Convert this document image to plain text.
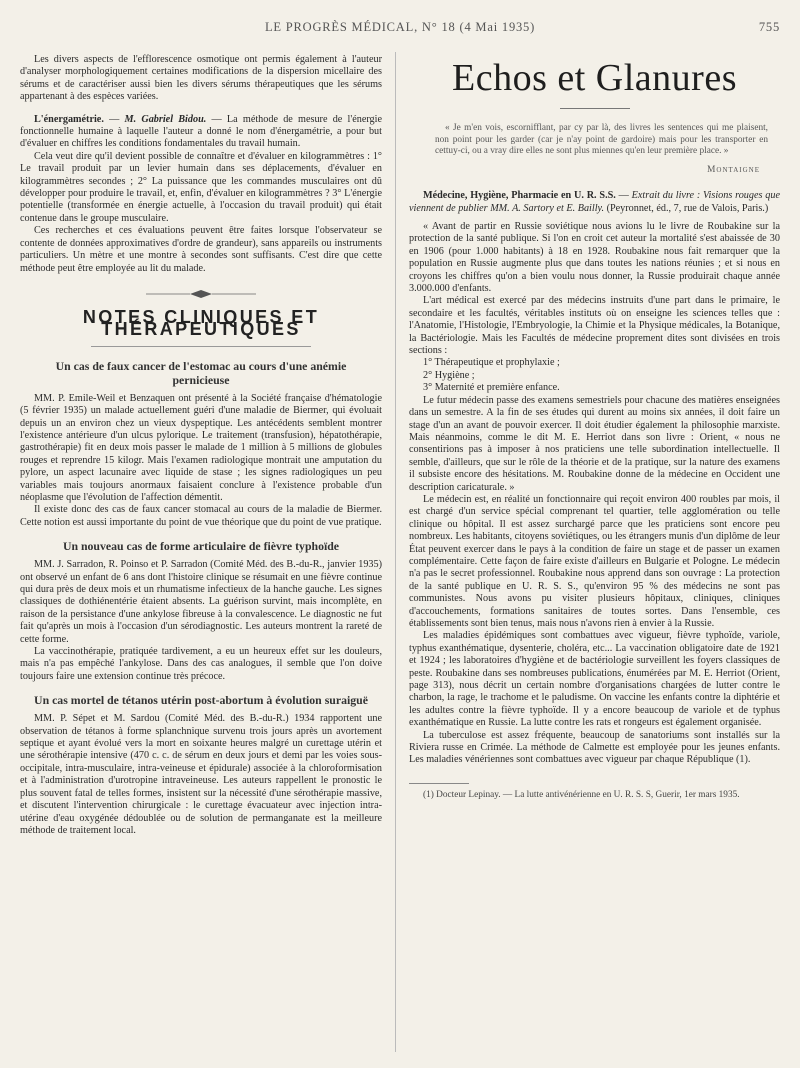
LE PROGRÈS MÉDICAL, N° 18 (4 Mai 1935)	755

Les divers aspects de l'efflorescence osmotique ont permis également à l'auteur d'analyser morphologiquement certaines modifications de la dispersion micellaire des sérums et de caractériser aussi bien les divers sérums thérapeutiques que les sérums appartenant à des espèces variées.

L'énergamétrie. — M. Gabriel Bidou. — La méthode de mesure de l'énergie fonctionnelle humaine à laquelle l'auteur a donné le nom d'énergamétrie, a pour but d'évaluer en chiffres les conditions fondamentales du travail humain.

Cela veut dire qu'il devient possible de connaître et d'évaluer en kilogrammètres : 1° Le travail produit par un levier humain dans ses déplacements, d'évaluer en kilogrammètres secondes ; 2° La puissance que les commandes musculaires ont dû développer pour produire le travail, et, enfin, d'évaluer en kilogrammètres ? 3° L'énergie potentielle (transformée en énergie actuelle, à l'occasion du travail produit) qui était contenue dans le groupe musculaire.

Ces recherches et ces évaluations peuvent être faites lorsque l'observateur se contente de données approximatives d'ordre de grandeur), sans appareils ou instruments particuliers. Un mètre et une montre à secondes sont suffisants. C'est dire que cette méthode peut être employée au lit du malade.

NOTES CLINIQUES ET THÉRAPEUTIQUES
Un cas de faux cancer de l'estomac au cours d'une anémie pernicieuse

MM. P. Emile-Weil et Benzaquen ont présenté à la Société française d'hématologie (5 février 1935) un malade actuellement guéri d'une maladie de Biermer, qui évoluait depuis un an environ chez un vieux dyspeptique. Les antécédents semblent montrer l'existence antérieure d'un ulcus pylorique. Le traitement (transfusion), hépatothérapie, gastrothérapie) fit en deux mois passer le malade de 1 million à 5 millions de globules rouges et reprendre 15 kilogr. Mais l'examen radiologique montrait une amputation du pylore, un aspect lacunaire avec liquide de stase ; les signes radiologiques un peu variables mais toujours anormaux faisaient conclure à l'existence probable d'un néoplasme que l'évolution de l'affection démentit.

Il existe donc des cas de faux cancer stomacal au cours de la maladie de Biermer. Cette notion est aussi importante du point de vue théorique que du point de vue pratique.

Un nouveau cas de forme articulaire de fièvre typhoïde

MM. J. Sarradon, R. Poinso et P. Sarradon (Comité Méd. des B.-du-R., janvier 1935) ont observé un enfant de 6 ans dont l'histoire clinique se résumait en une fièvre continue qui dura près de deux mois et un rhumatisme infectieux de la hanche gauche. Les signes classiques de dothiénentérie étaient absents. La guérison survint, mais incomplète, en raison de la persistance d'une ankylose fibreuse à la convalescence. Le diagnostic ne fut fait qu'après un mois à l'occasion d'un sérodiagnostic. Les auteurs montrent la rareté de cette forme.

La vaccinothérapie, pratiquée tardivement, a eu un heureux effet sur les douleurs, mais n'a pas empêché l'ankylose. Dans des cas analogues, il semble que l'on doive toujours faire une extension continue très précoce.

Un cas mortel de tétanos utérin post-abortum à évolution suraiguë

MM. P. Sépet et M. Sardou (Comité Méd. des B.-du-R.) 1934 rapportent une observation de tétanos à forme splanchnique survenu trois jours après un avortement septique et ayant évolué vers la mort en soixante heures malgré un curettage utérin et une sérothérapie intensive (470 c. c. de sérum en deux jours et demi par les voies sous-occipitale, intra-musculaire, intra-veineuse et épidurale) associée à la chloroformisation et à l'administration d'urotropine intraveineuse. Les auteurs rappellent le pronostic le plus souvent fatal de telles formes, insistent sur la nécessité d'une sérothérapie massive, et discutent l'intervention chirurgicale : le curettage évacuateur avec injection intra-utérine d'eau oxygénée dédoublée ou de solution de permanganate est la meilleure méthode de traitement local.

Echos et Glanures

« Je m'en vois, escornifflant, par cy par là, des livres les sentences qui me plaisent, non point pour les garder (car je n'ay point de gardoire) mais pour les transporter en cettuy-ci, ou a vray dire elles ne sont plus miennes qu'en leur première place. »

Montaigne

Médecine, Hygiène, Pharmacie en U. R. S.S. — Extrait du livre : Visions rouges que viennent de publier MM. A. Sartory et E. Bailly. (Peyronnet, éd., 7, rue de Valois, Paris.)

« Avant de partir en Russie soviétique nous avions lu le livre de Roubakine sur la protection de la santé publique. Si l'on en croit cet auteur la mortalité s'est abaissée de 30 en 1906 (pour 1.000 habitants) à 18 en 1928. Roubakine nous fait remarquer que la population en Russie augmente plus que dans toutes les nations réunies ; et si nous en croyons les chiffres qu'on a bien voulu nous donner, la Russie produirait chaque année 3.000.000 d'enfants.

L'art médical est exercé par des médecins instruits d'une part dans le primaire, le secondaire et les facultés, véritables instituts où on enseigne les sciences telles que : l'Anatomie, l'Histologie, l'Embryologie, la Chimie et la Physique médicales, la Botanique, la Bactériologie. Mais les Facultés de médecine proprement dites sont divisées en trois sections :

1° Thérapeutique et prophylaxie ;

2° Hygiène ;

3° Maternité et première enfance.

Le futur médecin passe des examens semestriels pour chacune des matières enseignées dans un semestre. A la fin de ses études qui durent au moins six années, il doit faire un stage d'un an avant de pouvoir exercer. Il doit étudier également la philosophie marxiste. Mais néanmoins, comme le dit M. E. Herriot dans son livre : Orient, « nous ne consentirions pas à imposer à nos praticiens une telle subordination intellectuelle. Il semble, d'ailleurs, que sur le rôle de la théorie et de la pratique, sur la nature des examens il subsiste encore des hésitations. M. Roubakine donne de la médecine en Occident une description caricaturale. »

Le médecin est, en réalité un fonctionnaire qui reçoit environ 400 roubles par mois, il est chargé d'un service spécial comprenant tel quartier, telle agglomération ou telle clinique ou hôpital. Il est assez surchargé parce que les praticiens sont encore peu nombreux. Les habitants, citoyens soviétiques, ou les étrangers munis d'un diplôme de leur État peuvent exercer dans le pays à la condition de faire un stage et de passer un examen complémentaire. Cette façon de faire existe d'ailleurs en Bulgarie et Pologne. Le médecin n'a pas le secret professionnel. Roubakine nous apprend dans son ouvrage : La protection de la santé publique en U. R. S. S., qu'environ 95 % des médecins ne sont pas communistes. Nous avons pu visiter plusieurs hôpitaux, cliniques, cliniques d'accouchements, formations sanitaires de toutes sortes. Dans l'ensemble, ces établissements sont bien tenus, mais nous n'avons rien à envier à la Russie.

Les maladies épidémiques sont combattues avec vigueur, fièvre typhoïde, variole, typhus exanthématique, dysenterie, choléra, etc... La vaccination obligatoire date de 1921 et 1924 ; les laboratoires d'hygiène et de bactériologie surveillent les foyers classiques de peste. Roubakine dans ses nombreuses publications, énumérées par M. E. Herriot (Orient, page 313), nous décrit un certain nombre d'organisations chargées de lutter contre le charbon, la rage, le trachome et le paludisme. On vaccine les enfants contre la diphtérie et les adultes contre la fièvre typhoïde. Il y a encore beaucoup de variole et de typhus exanthématique en Russie. La lutte contre les rats et rongeurs est également organisée.

La tuberculose est assez fréquente, beaucoup de sanatoriums sont installés sur la Riviera russe en Crimée. La méthode de Calmette est employée pour les jeunes enfants. Les maladies vénériennes sont combattues avec vigueur par chaque République (1).

(1) Docteur Lepinay. — La lutte antivénérienne en U. R. S. S, Guerir, 1er mars 1935.
